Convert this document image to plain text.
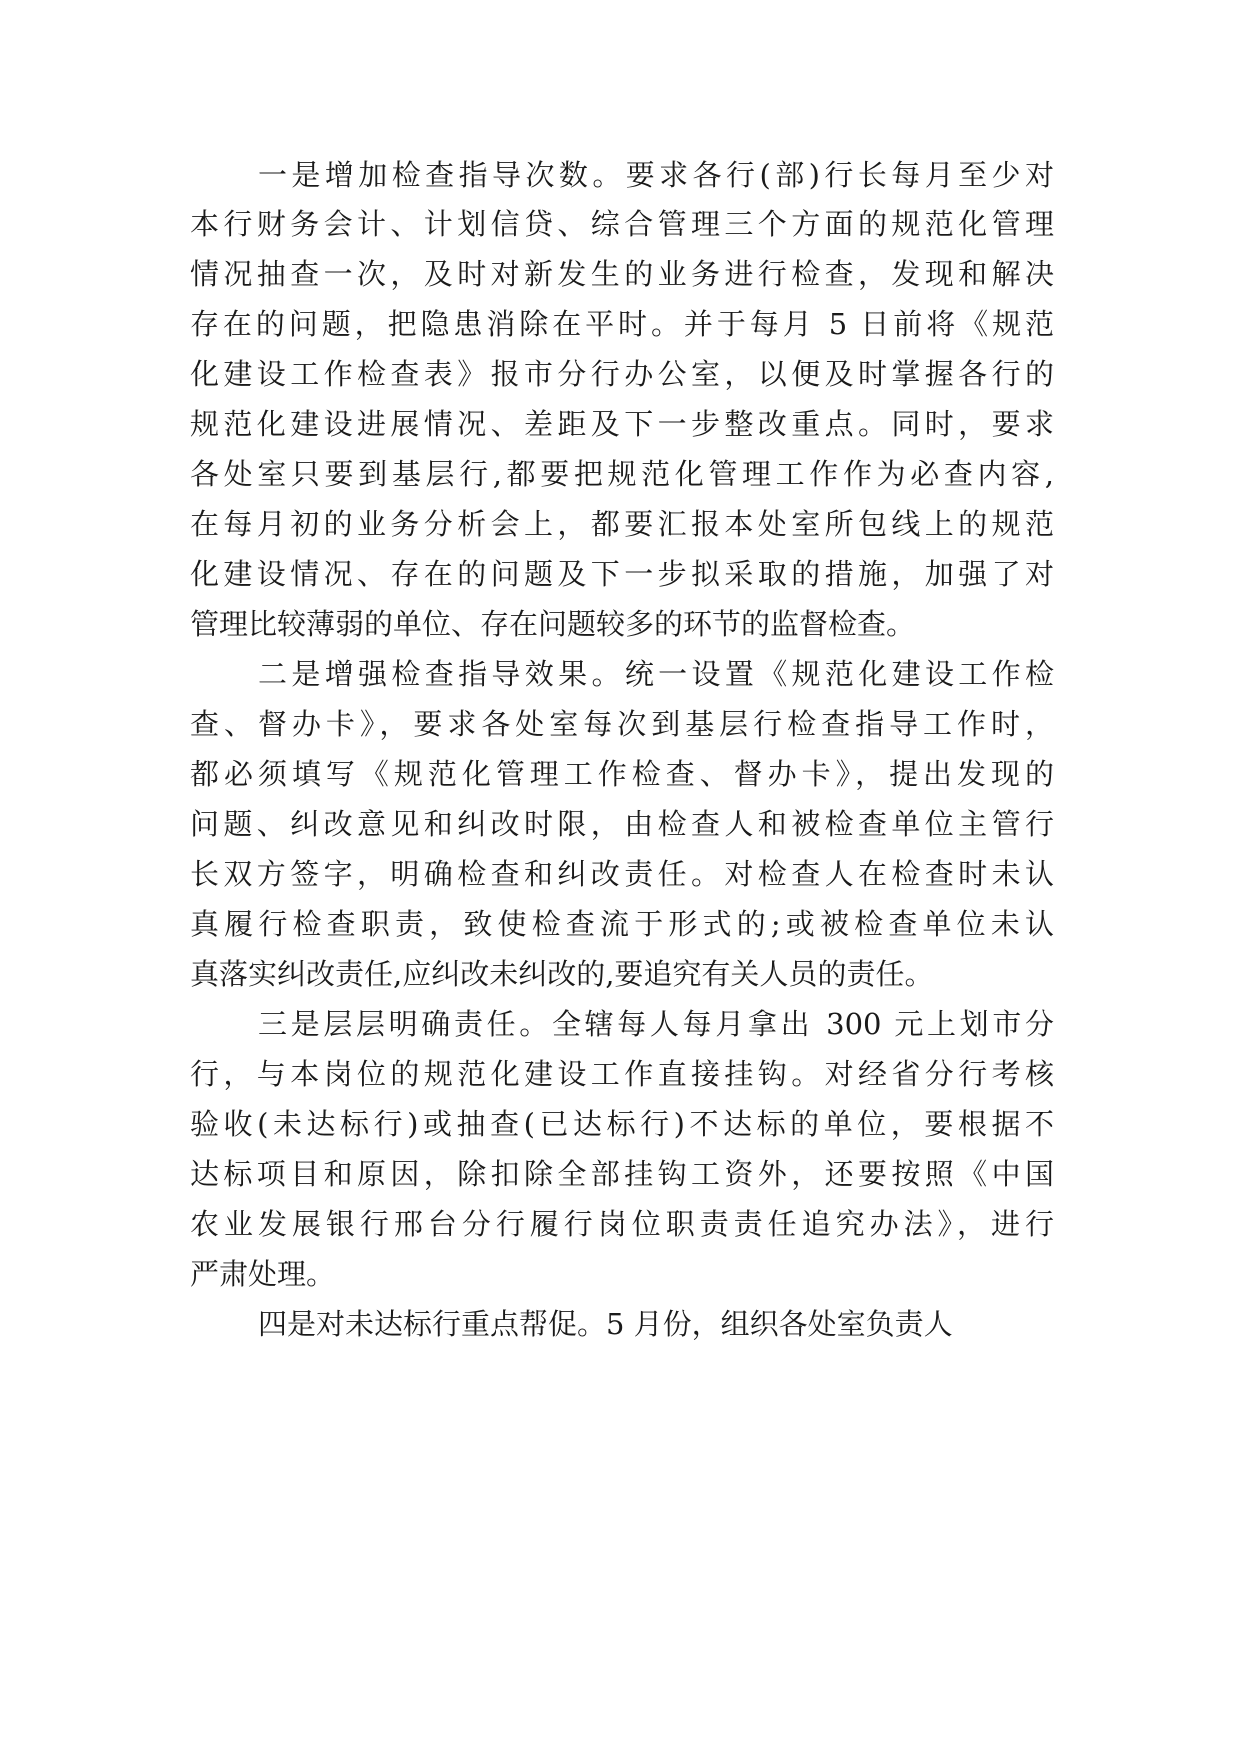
一是增加检查指导次数。要求各行(部)行长每月至少对
本行财务会计、计划信贷、综合管理三个方面的规范化管理
情况抽查一次，及时对新发生的业务进行检查，发现和解决
存在的问题，把隐患消除在平时。并于每月 5 日前将《规范
化建设工作检查表》报市分行办公室，以便及时掌握各行的
规范化建设进展情况、差距及下一步整改重点。同时，要求
各处室只要到基层行,都要把规范化管理工作作为必查内容,
在每月初的业务分析会上，都要汇报本处室所包线上的规范
化建设情况、存在的问题及下一步拟采取的措施，加强了对
管理比较薄弱的单位、存在问题较多的环节的监督检查。
二是增强检查指导效果。统一设置《规范化建设工作检
查、督办卡》，要求各处室每次到基层行检查指导工作时，
都必须填写《规范化管理工作检查、督办卡》，提出发现的
问题、纠改意见和纠改时限，由检查人和被检查单位主管行
长双方签字，明确检查和纠改责任。对检查人在检查时未认
真履行检查职责，致使检查流于形式的;或被检查单位未认
真落实纠改责任,应纠改未纠改的,要追究有关人员的责任。
三是层层明确责任。全辖每人每月拿出 300 元上划市分
行，与本岗位的规范化建设工作直接挂钩。对经省分行考核
验收(未达标行)或抽查(已达标行)不达标的单位，要根据不
达标项目和原因，除扣除全部挂钩工资外，还要按照《中国
农业发展银行邢台分行履行岗位职责责任追究办法》，进行
严肃处理。
四是对未达标行重点帮促。5 月份，组织各处室负责人
